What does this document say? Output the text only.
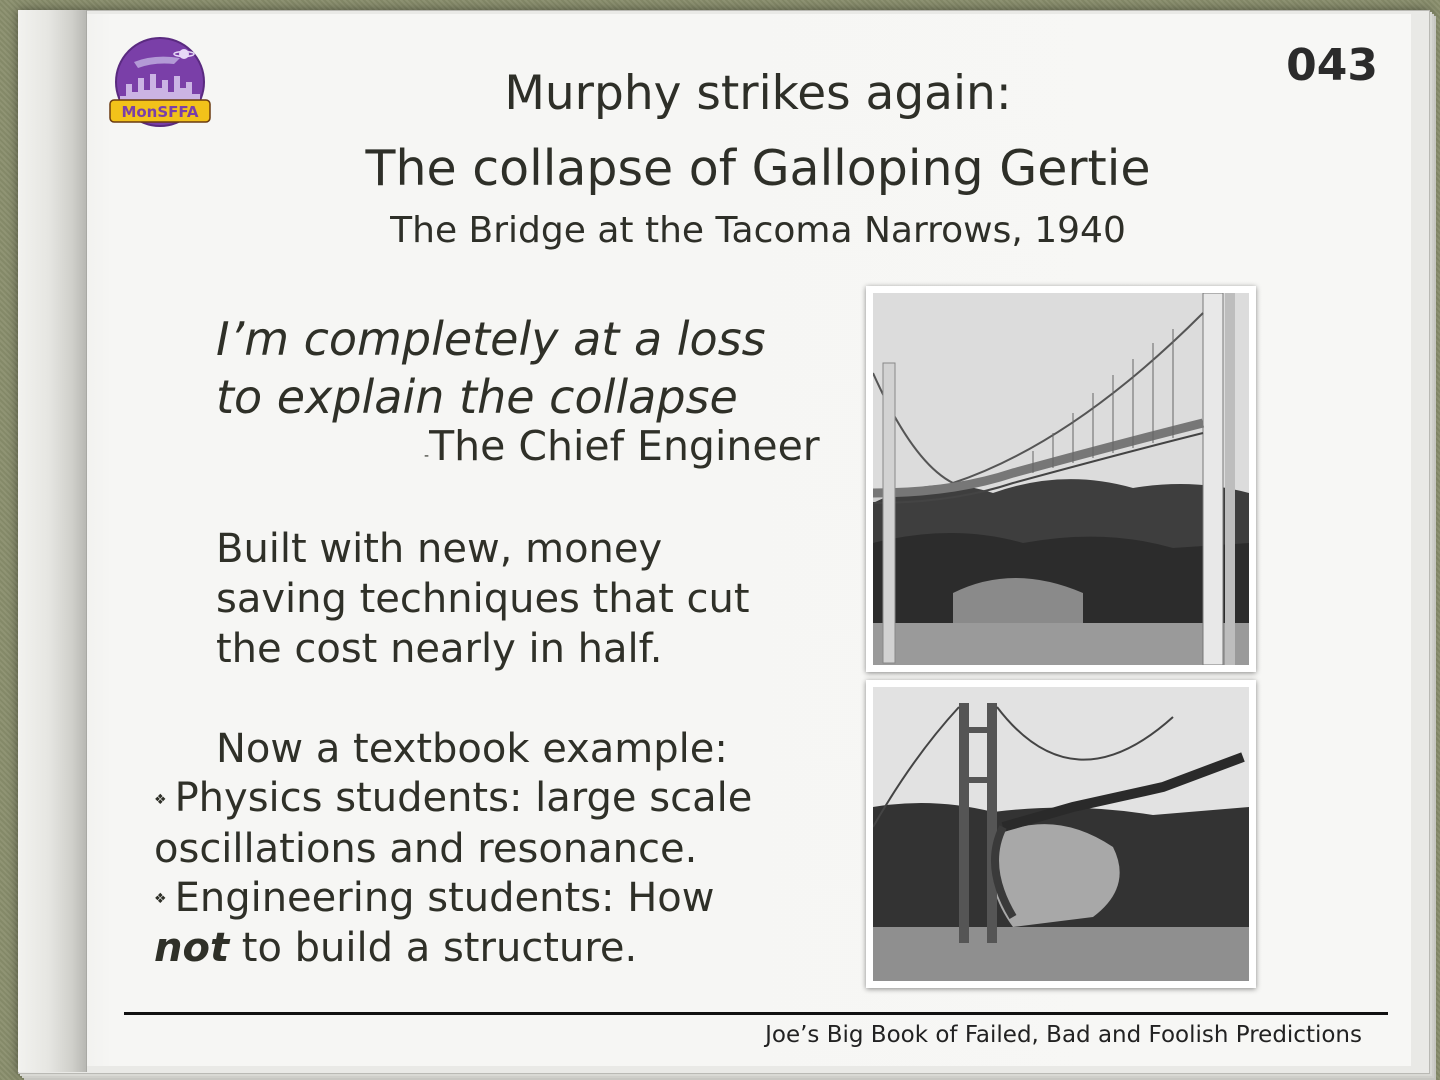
MonSFFA
043
Murphy strikes again:
The collapse of Galloping Gertie
The Bridge at the Tacoma Narrows, 1940
I’m completely at a loss
to explain the collapse
-The Chief Engineer
Built with new, money
saving techniques that cut
the cost nearly in half.
Now a textbook example:
❖ Physics students: large scale oscillations and resonance.
❖ Engineering students: How
not to build a structure.
Joe’s Big Book of Failed, Bad and Foolish Predictions
